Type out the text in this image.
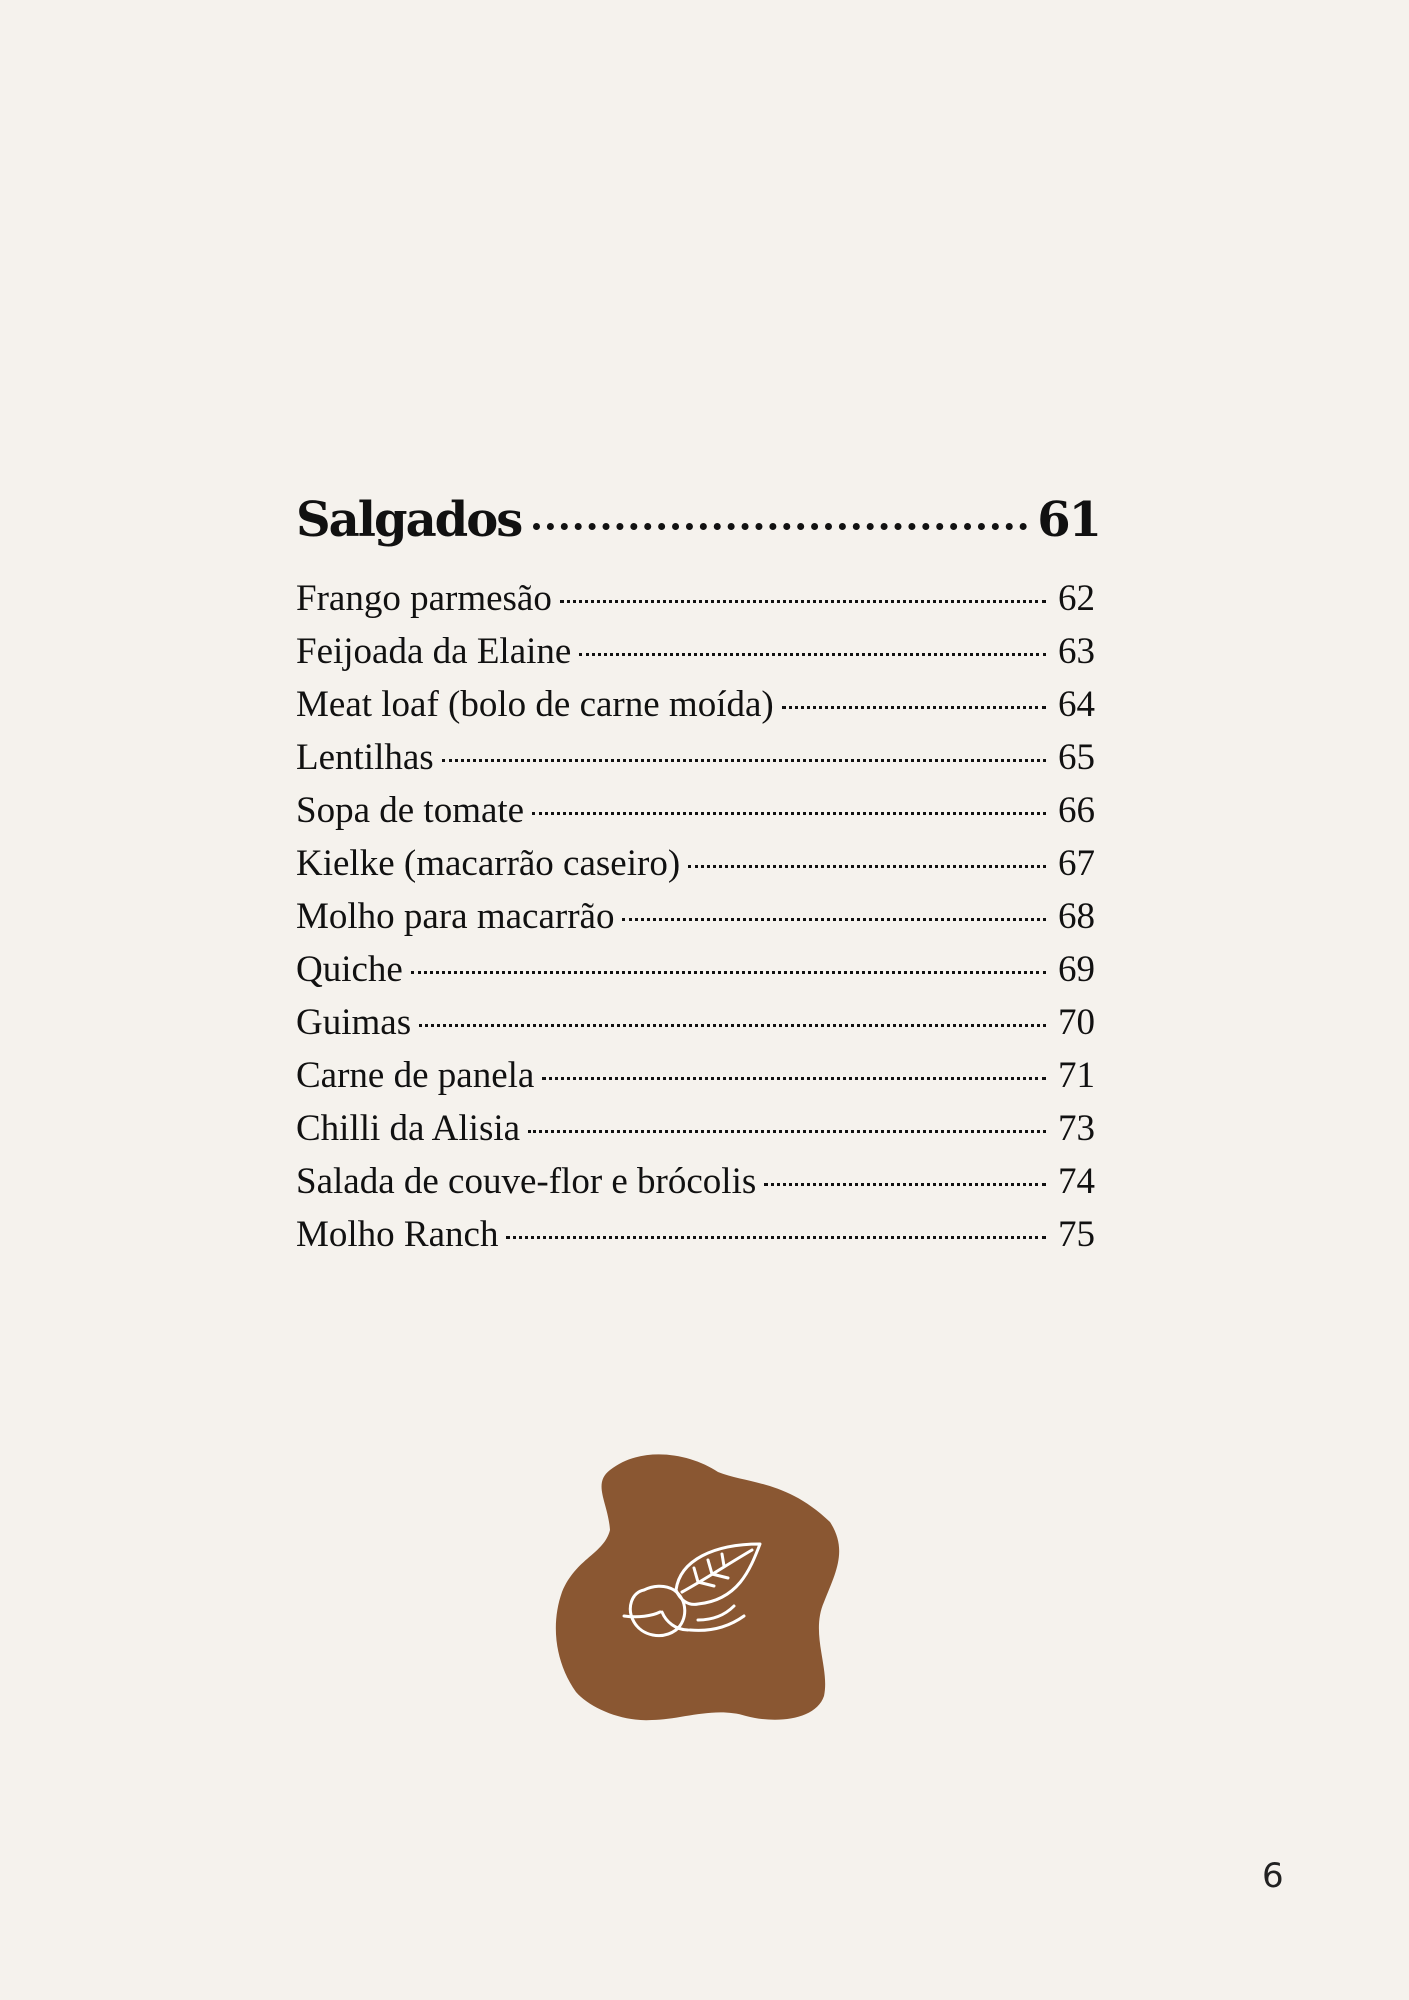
Salgados	61
Frango parmesão	62
Feijoada da Elaine	63
Meat loaf (bolo de carne moída)	64
Lentilhas	65
Sopa de tomate	66
Kielke (macarrão caseiro)	67
Molho para macarrão	68
Quiche	69
Guimas	70
Carne de panela	71
Chilli da Alisia	73
Salada de couve-flor e brócolis	74
Molho Ranch	75
6
